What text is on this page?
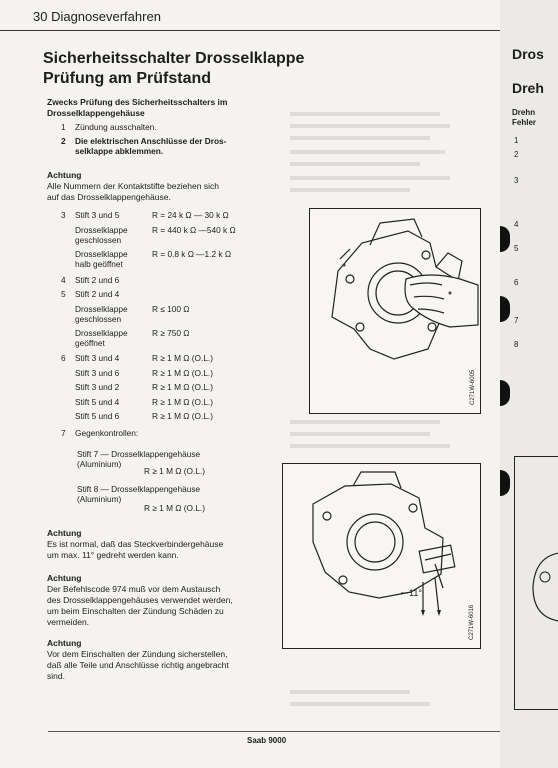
30 Diagnoseverfahren
Sicherheitsschalter Drosselklappe
Prüfung am Prüfstand
Zwecks Prüfung des Sicherheitsschalters im
Drosselklappengehäuse
1 Zündung ausschalten.
2 Die elektrischen Anschlüsse der Dros-
selklappe abklemmen.
Achtung
Alle Nummern der Kontaktstifte beziehen sich
auf das Drosselklappengehäuse.
3 Stift 3 und 5	R = 24 k Ω — 30 k Ω
Drosselklappe
geschlossen
R = 440 k Ω —540 k Ω
Drosselklappe
halb geöffnet
R = 0.8 k Ω —1.2 k Ω
4 Stift 2 und 6
5 Stift 2 und 4
Drosselklappe
geschlossen
R ≤ 100 Ω
Drosselklappe
geöffnet
R ≥ 750 Ω
6 Stift 3 und 4	R ≥ 1 M Ω (O.L.)
Stift 3 und 6	R ≥ 1 M Ω (O.L.)
Stift 3 und 2	R ≥ 1 M Ω (O.L.)
Stift 5 und 4	R ≥ 1 M Ω (O.L.)
Stift 5 und 6	R ≥ 1 M Ω (O.L.)
7 Gegenkontrollen:
Stift 7 — Drosselklappengehäuse
(Aluminium)
R ≥ 1 M Ω (O.L.)
Stift 8 — Drosselklappengehäuse
(Aluminium)
R ≥ 1 M Ω (O.L.)
Achtung
Es ist normal, daß das Steckverbindergehäuse
um max. 11° gedreht werden kann.
Achtung
Der Befehlscode 974 muß vor dem Austausch
des Drosselklappengehäuses verwendet werden,
um beim Einschalten der Zündung Schäden zu
vermeiden.
Achtung
Vor dem Einschalten der Zündung sicherstellen,
daß alle Teile und Anschlüsse richtig angebracht
sind.
C271W-6005
11°
C271W-6016
Saab 9000
Dros
Dreh
Drehn
Fehler
1
2
3
4
5
6
7
8
